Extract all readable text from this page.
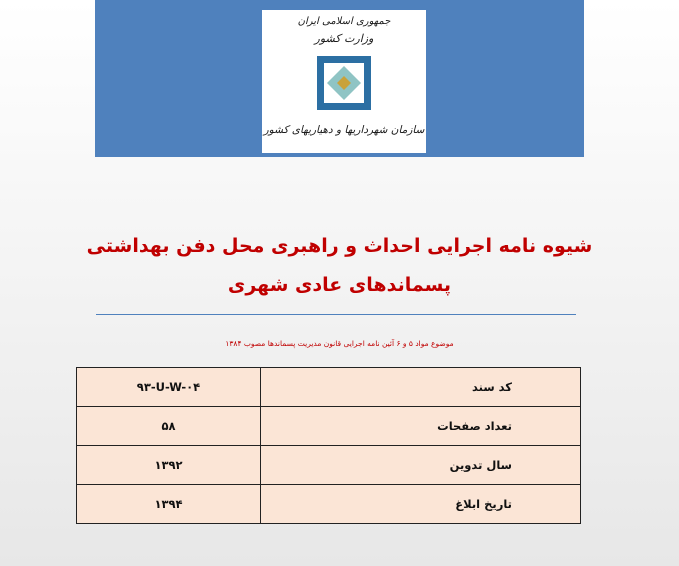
جمهوری اسلامی ایران
وزارت کشور
سازمان شهرداریها و دهیاریهای کشور
شیوه نامه اجرایی احداث و راهبری محل دفن بهداشتی
پسماندهای عادی شهری
موضوع مواد ۵ و ۶ آئین نامه اجرایی قانون مدیریت پسماندها مصوب ۱۳۸۴
کد سند	۹۳-U-W-۰۴
تعداد صفحات	۵۸
سال تدوین	۱۳۹۲
تاریخ ابلاغ	۱۳۹۴
